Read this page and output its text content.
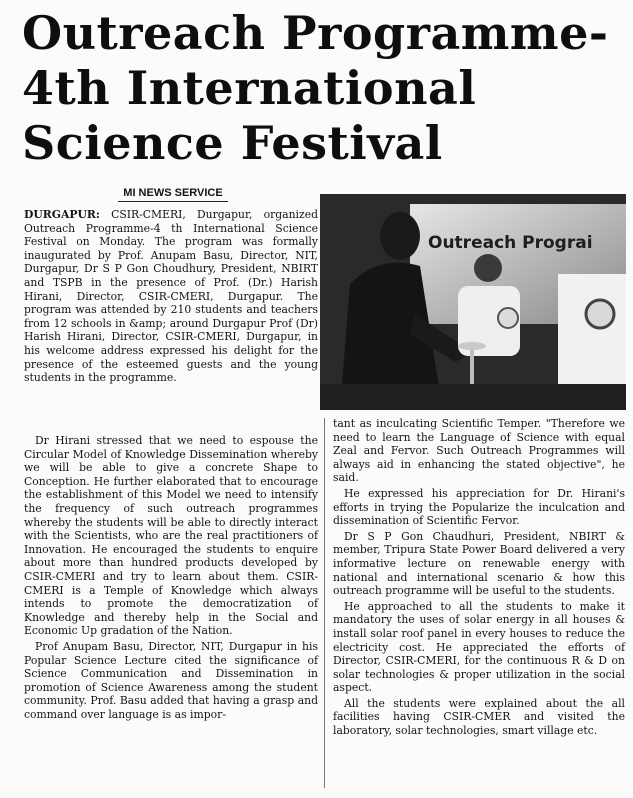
Outreach Programme-
4th International
Science Festival
MI NEWS SERVICE
Outreach Prograi

DURGAPUR: CSIR-CMERI, Durgapur, organized Outreach Programme-4 th International Science Festival on Monday. The program was formally inaugurated by Prof. Anupam Basu, Director, NIT, Durgapur, Dr S P Gon Choudhury, President, NBIRT and TSPB in the presence of Prof. (Dr.) Harish Hirani, Director, CSIR-CMERI, Durgapur. The program was attended by 210 students and teachers from 12 schools in &amp; around Durgapur Prof (Dr) Harish Hirani, Director, CSIR-CMERI, Durgapur, in his welcome address expressed his delight for the presence of the esteemed guests and the young students in the programme.

Dr Hirani stressed that we need to espouse the Circular Model of Knowledge Dissemination whereby we will be able to give a concrete Shape to Conception. He further elaborated that to encourage the establishment of this Model we need to intensify the frequency of such outreach programmes whereby the students will be able to directly interact with the Scientists, who are the real practitioners of Innovation. He encouraged the students to enquire about more than hundred products developed by CSIR-CMERI and try to learn about them. CSIR- CMERI is a Temple of Knowledge which always intends to promote the democratization of Knowledge and thereby help in the Social and Economic Up gradation of the Nation.

Prof Anupam Basu, Director, NIT, Durgapur in his Popular Science Lecture cited the significance of Science Communication and Dissemination in promotion of Science Awareness among the student community. Prof. Basu added that having a grasp and command over language is as impor-

tant as inculcating Scientific Temper. "Therefore we need to learn the Language of Science with equal Zeal and Fervor. Such Outreach Programmes will always aid in enhancing the stated objective", he said.

He expressed his appreciation for Dr. Hirani's efforts in trying the Popularize the inculcation and dissemination of Scientific Fervor.

Dr S P Gon Chaudhuri, President, NBIRT & member, Tripura State Power Board delivered a very informative lecture on renewable energy with national and international scenario & how this outreach programme will be useful to the students.

He approached to all the students to make it mandatory the uses of solar energy in all houses & install solar roof panel in every houses to reduce the electricity cost. He appreciated the efforts of Director, CSIR-CMERI, for the continuous R & D on solar technologies & proper utilization in the social aspect.

All the students were explained about the all facilities having CSIR-CMER and visited the laboratory, solar technologies, smart village etc.
